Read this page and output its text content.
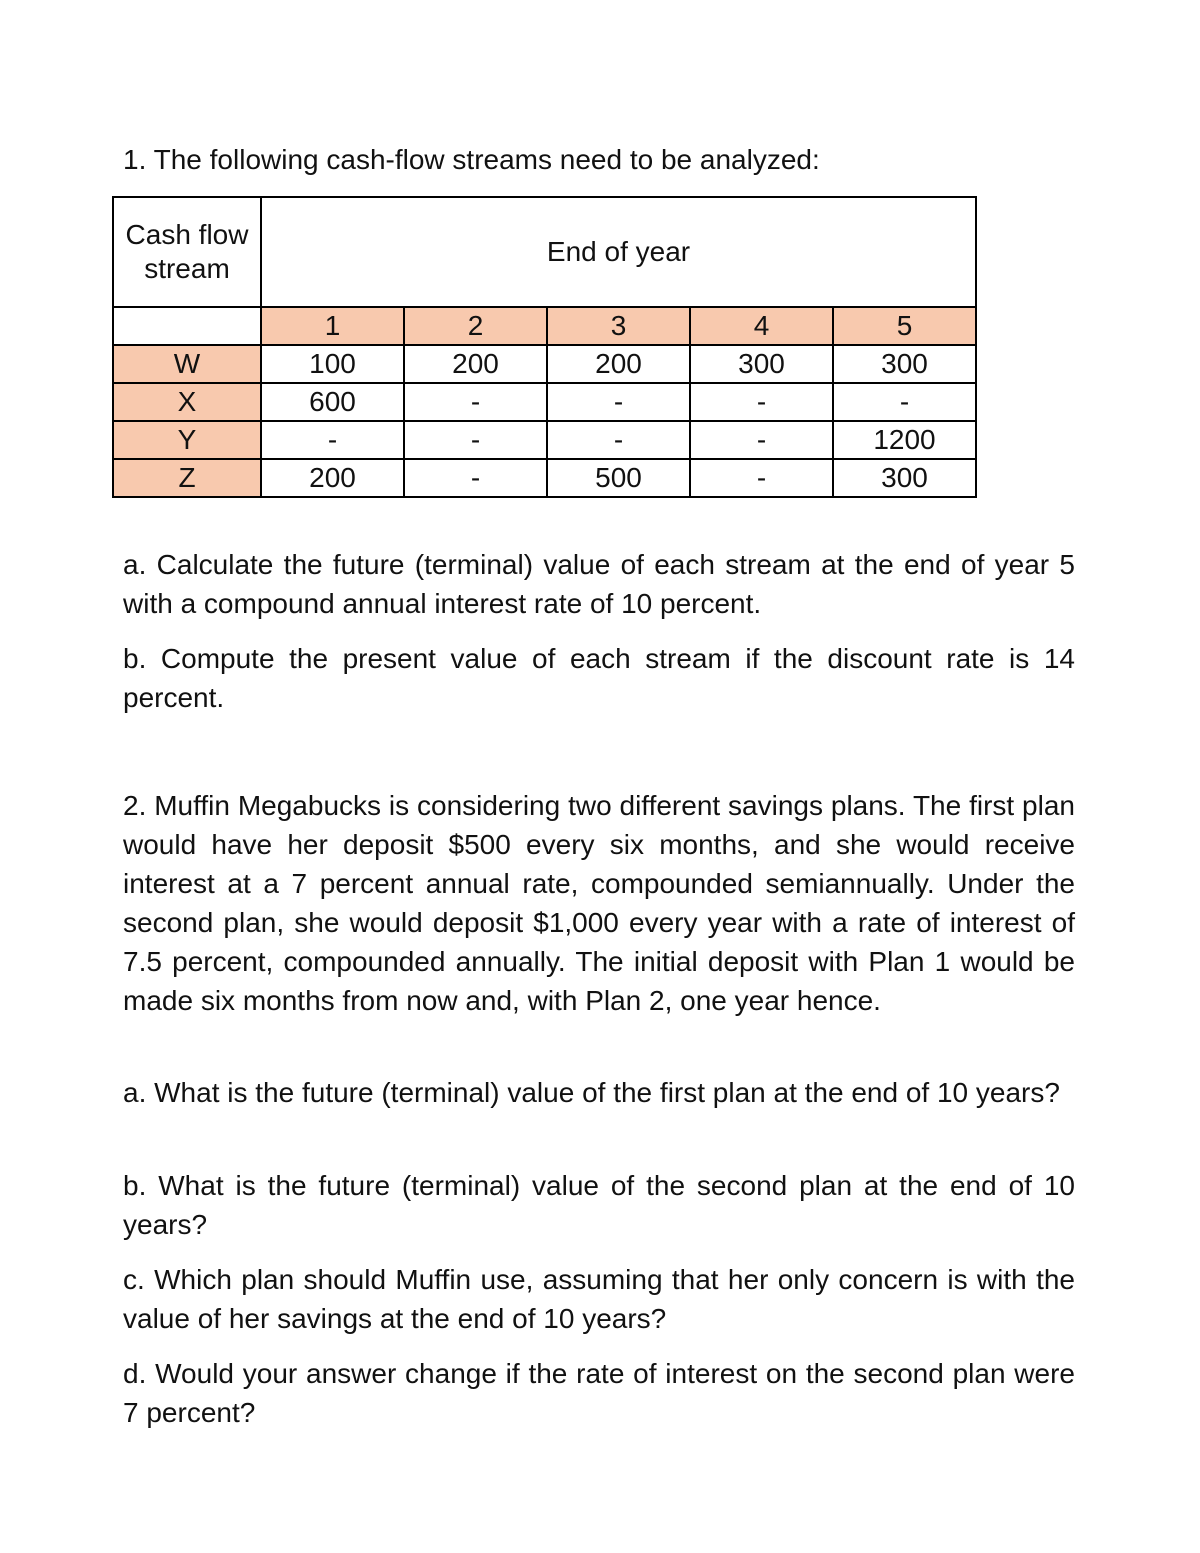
1. The following cash-flow streams need to be analyzed:

Cash flow stream	End of year				
	1	2	3	4	5
W	100	200	200	300	300
X	600	-	-	-	-
Y	-	-	-	-	1200
Z	200	-	500	-	300

a. Calculate the future (terminal) value of each stream at the end of year 5 with a compound annual interest rate of 10 percent.

b. Compute the present value of each stream if the discount rate is 14 percent.

2. Muffin Megabucks is considering two different savings plans. The first plan would have her deposit $500 every six months, and she would receive interest at a 7 percent annual rate, compounded semiannually. Under the second plan, she would deposit $1,000 every year with a rate of interest of 7.5 percent, compounded annually. The initial deposit with Plan 1 would be made six months from now and, with Plan 2, one year hence.

a. What is the future (terminal) value of the first plan at the end of 10 years?

b. What is the future (terminal) value of the second plan at the end of 10 years?

c. Which plan should Muffin use, assuming that her only concern is with the value of her savings at the end of 10 years?

d. Would your answer change if the rate of interest on the second plan were 7 percent?
